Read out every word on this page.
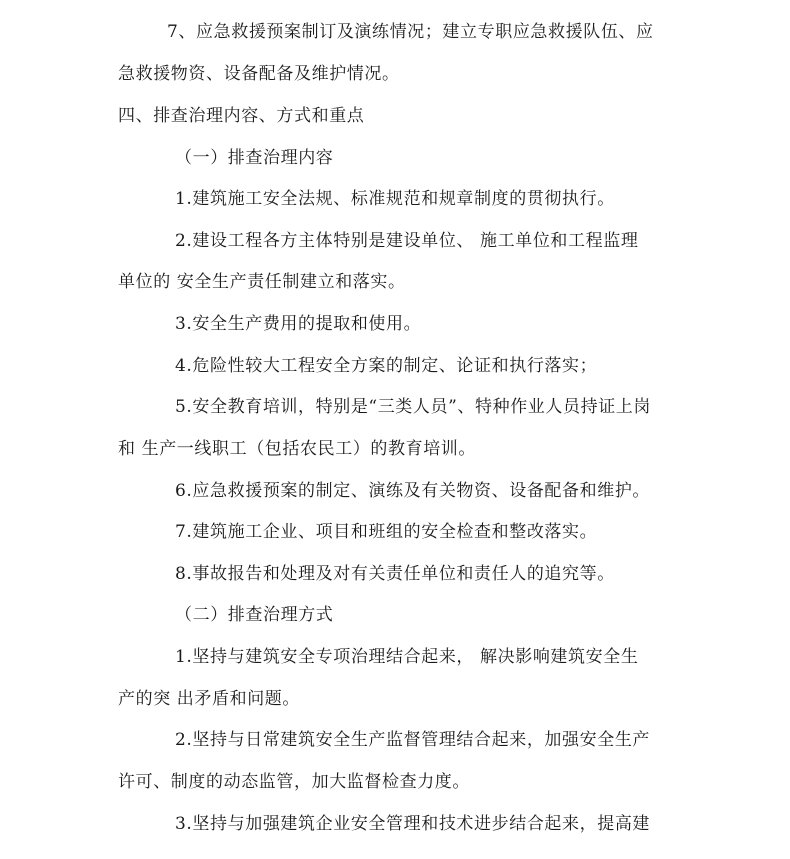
7、应急救援预案制订及演练情况；建立专职应急救援队伍、应
急救援物资、设备配备及维护情况。
四、排查治理内容、方式和重点
（一）排查治理内容
1.建筑施工安全法规、标准规范和规章制度的贯彻执行。
2.建设工程各方主体特别是建设单位、 施工单位和工程监理
单位的 安全生产责任制建立和落实。
3.安全生产费用的提取和使用。
4.危险性较大工程安全方案的制定、论证和执行落实；
5.安全教育培训，特别是“三类人员”、特种作业人员持证上岗
和 生产一线职工（包括农民工）的教育培训。
6.应急救援预案的制定、演练及有关物资、设备配备和维护。
7.建筑施工企业、项目和班组的安全检查和整改落实。
8.事故报告和处理及对有关责任单位和责任人的追究等。
（二）排查治理方式
1.坚持与建筑安全专项治理结合起来， 解决影响建筑安全生
产的突 出矛盾和问题。
2.坚持与日常建筑安全生产监督管理结合起来，加强安全生产
许可、制度的动态监管，加大监督检查力度。
3.坚持与加强建筑企业安全管理和技术进步结合起来，提高建
